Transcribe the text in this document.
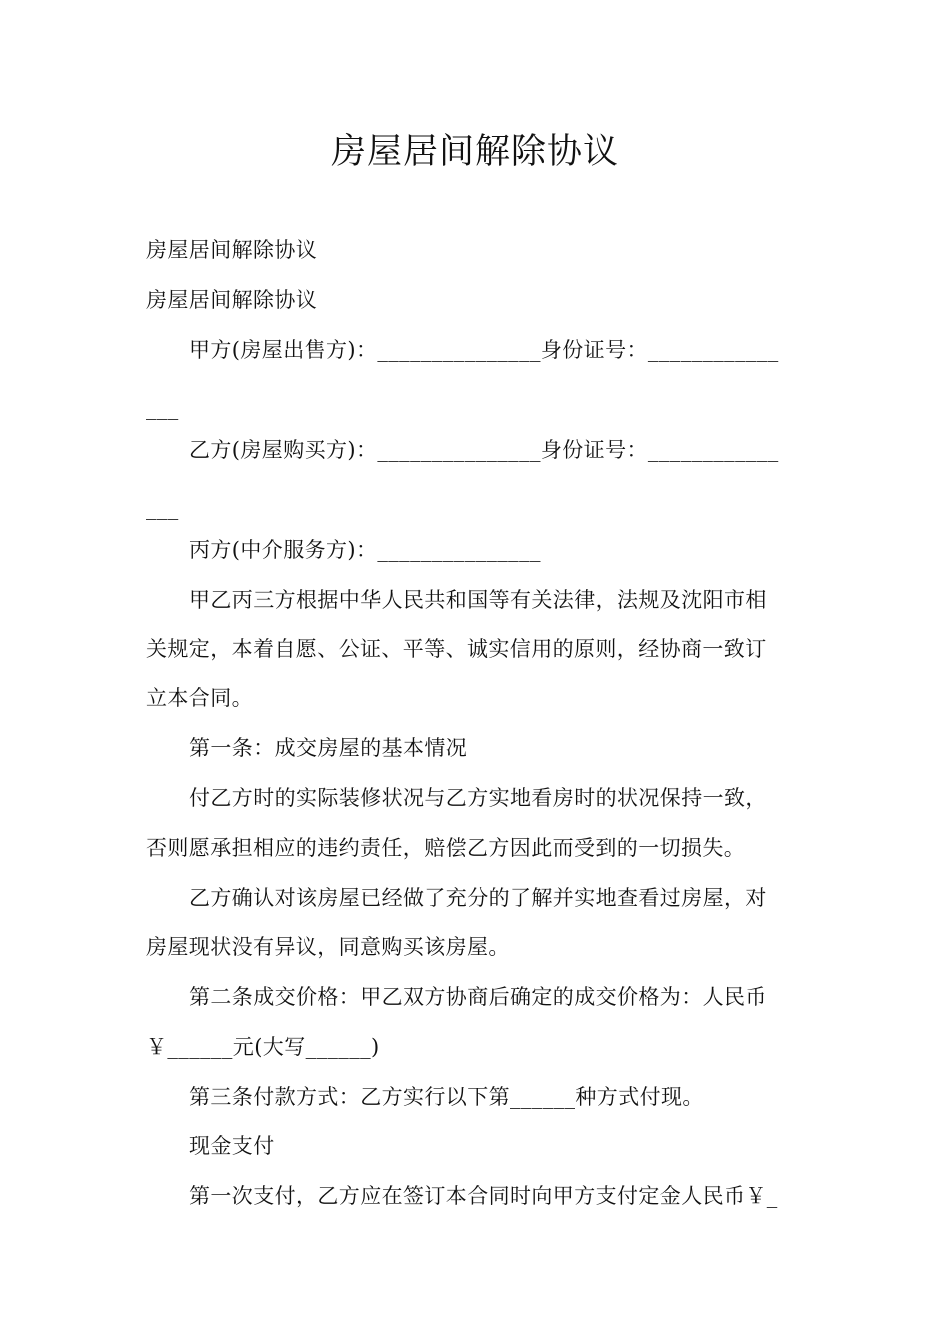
房屋居间解除协议
房屋居间解除协议
房屋居间解除协议
甲方(房屋出售方)：_______________身份证号：____________
___
乙方(房屋购买方)：_______________身份证号：____________
___
丙方(中介服务方)：_______________
甲乙丙三方根据中华人民共和国等有关法律，法规及沈阳市相
关规定，本着自愿、公证、平等、诚实信用的原则，经协商一致订
立本合同。
第一条：成交房屋的基本情况
付乙方时的实际装修状况与乙方实地看房时的状况保持一致，
否则愿承担相应的违约责任，赔偿乙方因此而受到的一切损失。
乙方确认对该房屋已经做了充分的了解并实地查看过房屋，对
房屋现状没有异议，同意购买该房屋。
第二条成交价格：甲乙双方协商后确定的成交价格为：人民币
￥______元(大写______)
第三条付款方式：乙方实行以下第______种方式付现。
现金支付
第一次支付，乙方应在签订本合同时向甲方支付定金人民币￥_
